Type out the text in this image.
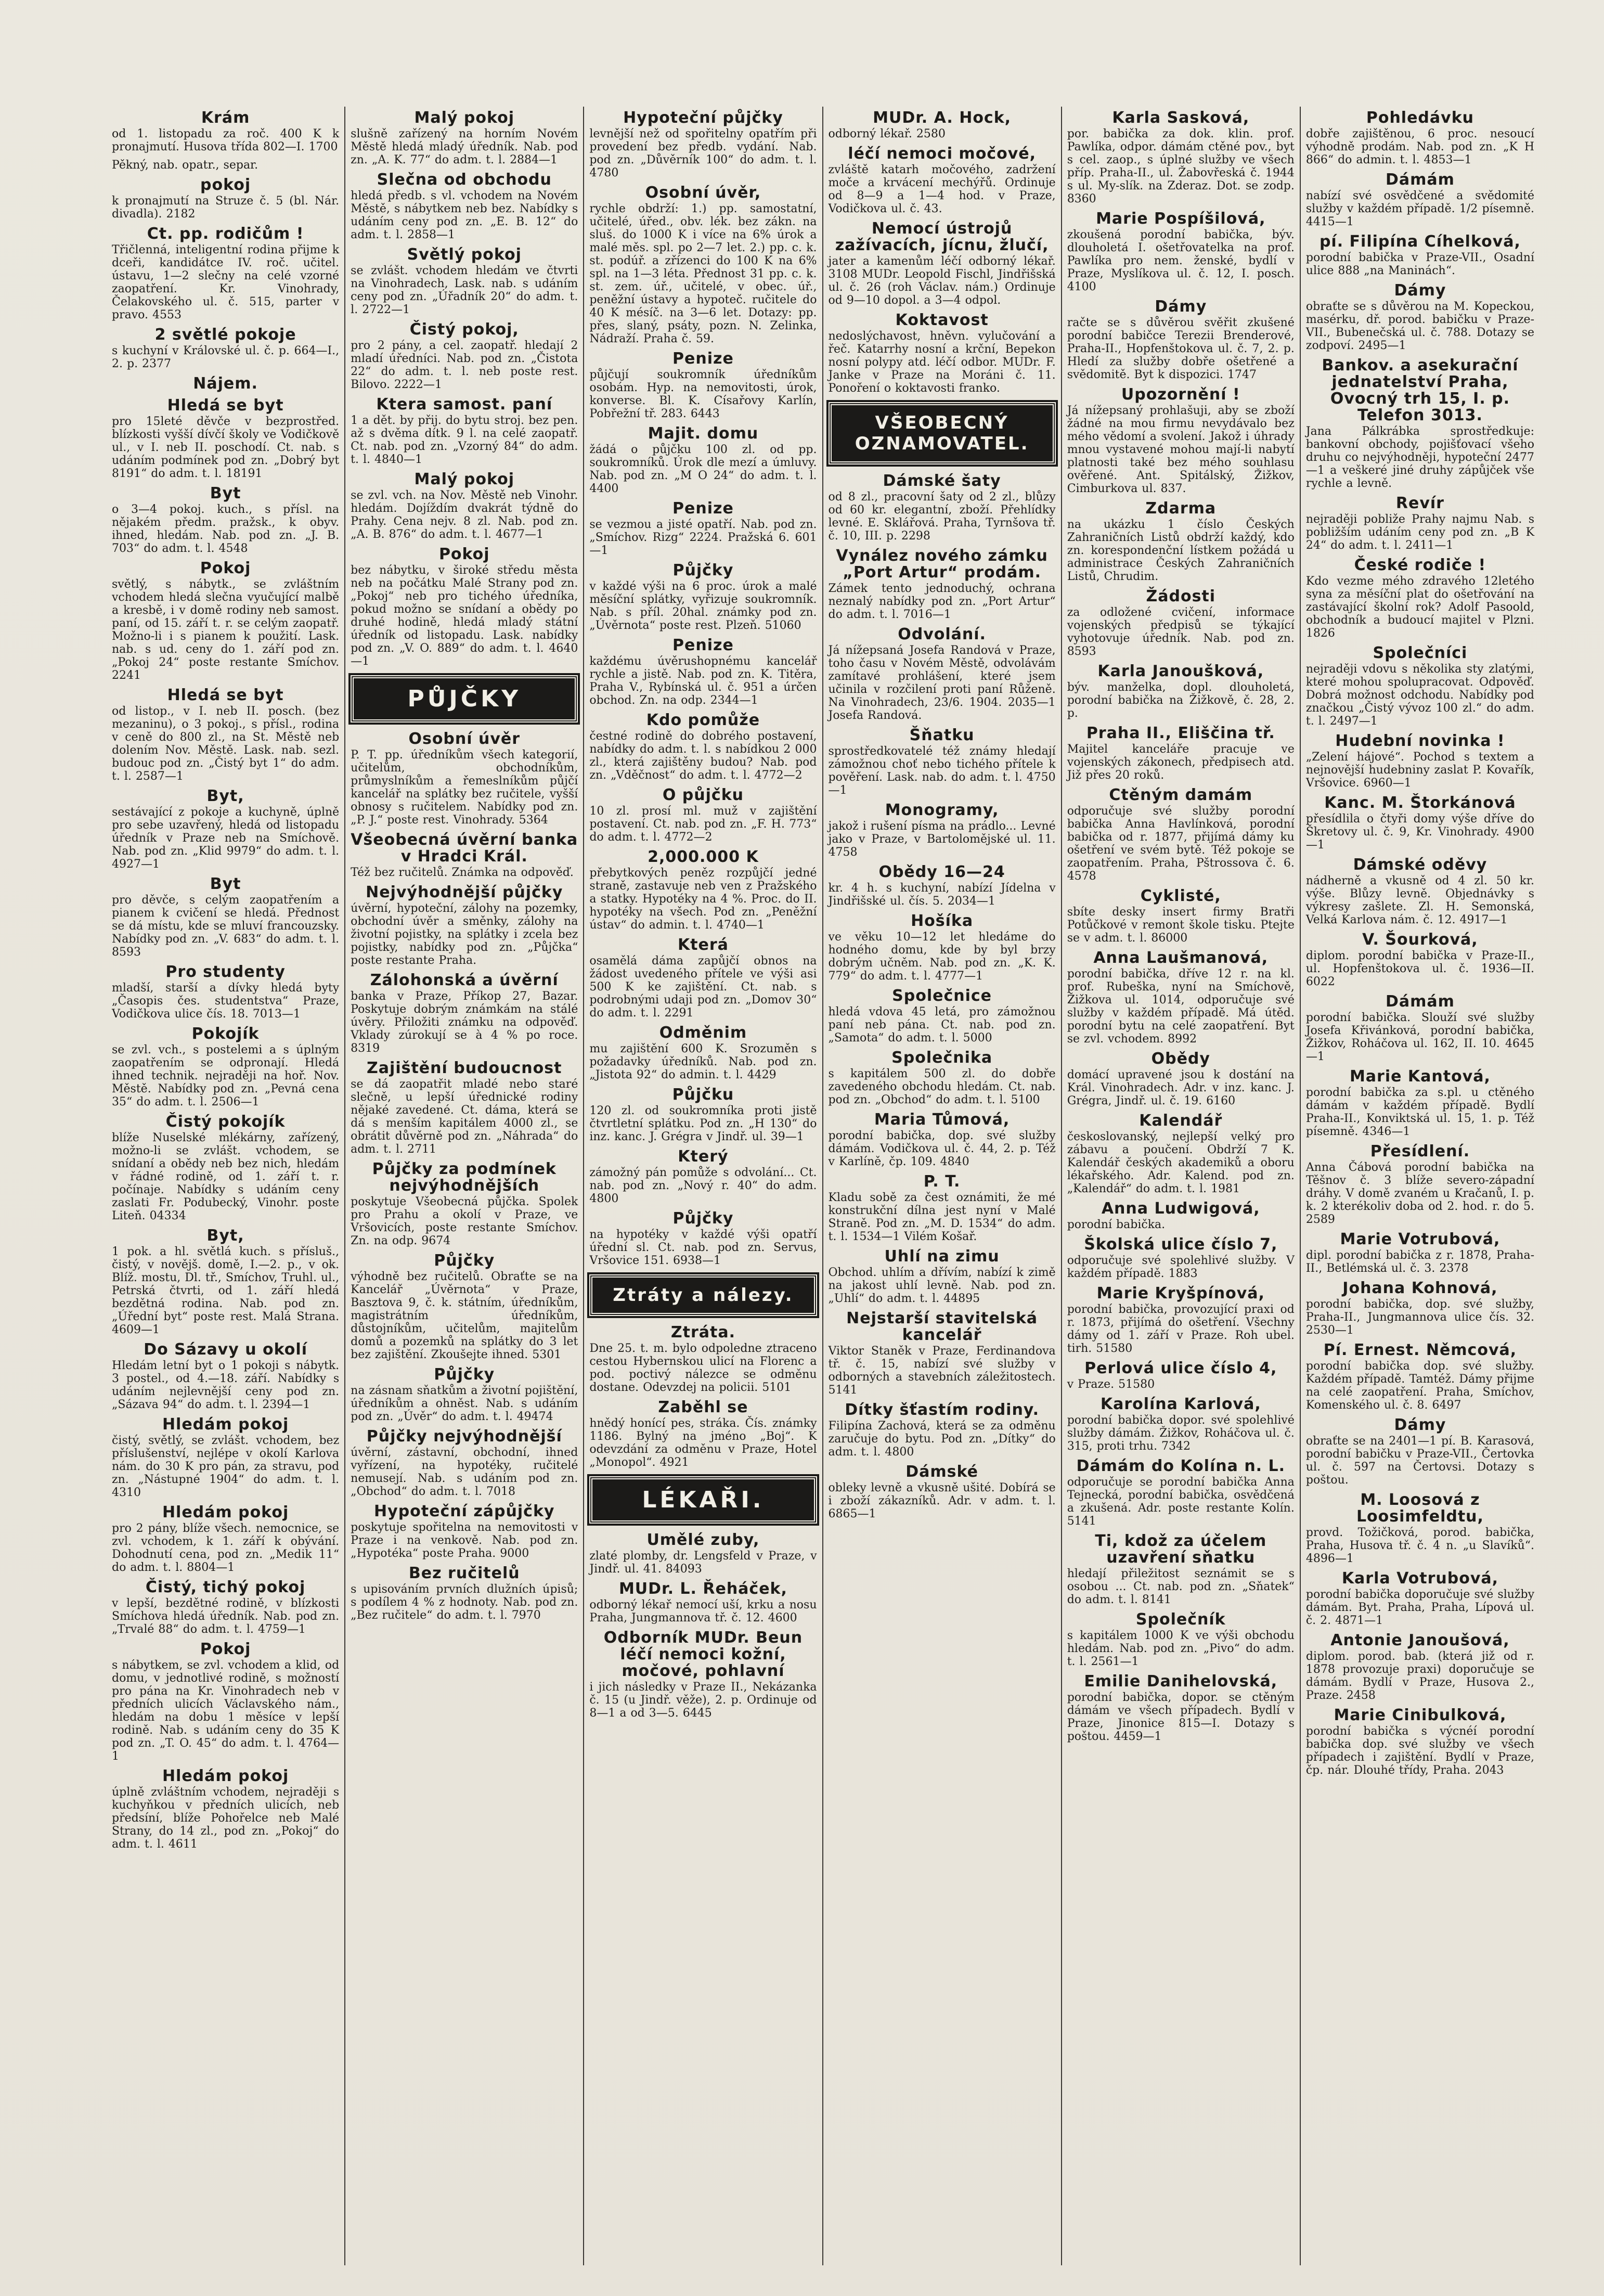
Krám

od 1. listopadu za roč. 400 K k pronajmutí. Husova třída 802—I. 1700

Pěkný, nab. opatr., separ.

pokoj

k pronajmutí na Struze č. 5 (bl. Nár. divadla). 2182

Ct. pp. rodičům !

Třičlenná, inteligentní rodina přijme k dceři, kandidátce IV. roč. učitel. ústavu, 1—2 slečny na celé vzorné zaopatření. Kr. Vinohrady, Čelakovského ul. č. 515, parter v pravo. 4553

2 světlé pokoje

s kuchyní v Královské ul. č. p. 664—I., 2. p. 2377

Nájem.
Hledá se byt

pro 15leté děvče v bezprostřed. blízkosti vyšší dívčí školy ve Vodičkově ul., v I. neb II. poschodí. Ct. nab. s udáním podmínek pod zn. „Dobrý byt 8191“ do adm. t. l. 18191

Byt

o 3—4 pokoj. kuch., s přísl. na nějakém předm. pražsk., k obyv. ihned, hledám. Nab. pod zn. „J. B. 703“ do adm. t. l. 4548

Pokoj

světlý, s nábytk., se zvláštním vchodem hledá slečna vyučující malbě a kresbě, i v domě rodiny neb samost. paní, od 15. září t. r. se celým zaopatř. Možno-li i s pianem k použití. Lask. nab. s ud. ceny do 1. září pod zn. „Pokoj 24“ poste restante Smíchov. 2241

Hledá se byt

od listop., v I. neb II. posch. (bez mezaninu), o 3 pokoj., s přísl., rodina v ceně do 800 zl., na St. Městě neb dolením Nov. Městě. Lask. nab. sezl. budouc pod zn. „Čistý byt 1“ do adm. t. l. 2587—1

Byt,

sestávající z pokoje a kuchyně, úplně pro sebe uzavřený, hledá od listopadu úředník v Praze neb na Smíchově. Nab. pod zn. „Klid 9979“ do adm. t. l. 4927—1

Byt

pro děvče, s celým zaopatřením a pianem k cvičení se hledá. Přednost se dá místu, kde se mluví francouzsky. Nabídky pod zn. „V. 683“ do adm. t. l. 8593

Pro studenty

mladší, starší a dívky hledá byty „Časopis čes. studentstva“ Praze, Vodičkova ulice čís. 18. 7013—1

Pokojík

se zvl. vch., s postelemi a s úplným zaopatřením se odpronají. Hledá ihned technik. nejraději na hoř. Nov. Městě. Nabídky pod zn. „Pevná cena 35“ do adm. t. l. 2506—1

Čistý pokojík

blíže Nuselské mlékárny, zařízený, možno-li se zvlášt. vchodem, se snídaní a obědy neb bez nich, hledám v řádné rodině, od 1. září t. r. počínaje. Nabídky s udáním ceny zaslati Fr. Podubecký, Vinohr. poste Liteň. 04334

Byt,

1 pok. a hl. světlá kuch. s přísluš., čistý, v novějš. domě, I.—2. p., v ok. Blíž. mostu, Dl. tř., Smíchov, Truhl. ul., Petrská čtvrti, od 1. září hledá bezdětná rodina. Nab. pod zn. „Úřední byt“ poste rest. Malá Strana. 4609—1

Do Sázavy u okolí

Hledám letní byt o 1 pokoji s nábytk. 3 postel., od 4.—18. září. Nabídky s udáním nejlevnější ceny pod zn. „Sázava 94“ do adm. t. l. 2394—1

Hledám pokoj

čistý, světlý, se zvlášt. vchodem, bez příslušenství, nejlépe v okolí Karlova nám. do 30 K pro pán, za stravu, pod zn. „Nástupné 1904“ do adm. t. l. 4310

Hledám pokoj

pro 2 pány, blíže všech. nemocnice, se zvl. vchodem, k 1. září k obývání. Dohodnutí cena, pod zn. „Medik 11“ do adm. t. l. 8804—1

Čistý, tichý pokoj

v lepší, bezdětné rodině, v blízkosti Smíchova hledá úředník. Nab. pod zn. „Trvalé 88“ do adm. t. l. 4759—1

Pokoj

s nábytkem, se zvl. vchodem a klid, od domu, v jednotlivé rodině, s možností pro pána na Kr. Vinohradech neb v předních ulicích Václavského nám., hledám na dobu 1 měsíce v lepší rodině. Nab. s udáním ceny do 35 K pod zn. „T. O. 45“ do adm. t. l. 4764—1

Hledám pokoj

úplně zvláštním vchodem, nejraději s kuchyňkou v předních ulicích, neb předsíní, blíže Pohořelce neb Malé Strany, do 14 zl., pod zn. „Pokoj“ do adm. t. l. 4611

Malý pokoj

slušně zařízený na horním Novém Městě hledá mladý úředník. Nab. pod zn. „A. K. 77“ do adm. t. l. 2884—1

Slečna od obchodu

hledá předb. s vl. vchodem na Novém Městě, s nábytkem neb bez. Nabídky s udáním ceny pod zn. „E. B. 12“ do adm. t. l. 2858—1

Světlý pokoj

se zvlášt. vchodem hledám ve čtvrti na Vinohradech, Lask. nab. s udáním ceny pod zn. „Úřadník 20“ do adm. t. l. 2722—1

Čistý pokoj,

pro 2 pány, a cel. zaopatř. hledají 2 mladí úředníci. Nab. pod zn. „Čistota 22“ do adm. t. l. neb poste rest. Bilovo. 2222—1

Ktera samost. paní

1 a dět. by přij. do bytu stroj. bez pen. až s dvěma dítk. 9 l. na celé zaopatř. Ct. nab. pod zn. „Vzorný 84“ do adm. t. l. 4840—1

Malý pokoj

se zvl. vch. na Nov. Městě neb Vinohr. hledám. Dojíždím dvakrát týdně do Prahy. Cena nejv. 8 zl. Nab. pod zn. „A. B. 876“ do adm. t. l. 4677—1

Pokoj

bez nábytku, v široké středu města neb na počátku Malé Strany pod zn. „Pokoj“ neb pro tichého úředníka, pokud možno se snídaní a obědy po druhé hodině, hledá mladý státní úředník od listopadu. Lask. nabídky pod zn. „V. O. 889“ do adm. t. l. 4640—1

PŮJČKY
Osobní úvěr

P. T. pp. úředníkům všech kategorií, učitelům, obchodníkům, průmyslníkům a řemeslníkům půjčí kancelář na splátky bez ručitele, vyšší obnosy s ručitelem. Nabídky pod zn. „P. J.“ poste rest. Vinohrady. 5364

Všeobecná úvěrní banka v Hradci Král.

Též bez ručitelů. Známka na odpověď.

Nejvýhodnější půjčky

úvěrní, hypoteční, zálohy na pozemky, obchodní úvěr a směnky, zálohy na životní pojistky, na splátky i zcela bez pojistky, nabídky pod zn. „Půjčka“ poste restante Praha.

Zálohonská a úvěrní

banka v Praze, Příkop 27, Bazar. Poskytuje dobrým známkám na stálé úvěry. Přiložiti známku na odpověď. Vklady zúrokují se à 4 % po roce. 8319

Zajištění budoucnost

se dá zaopatřit mladé nebo staré slečně, u lepší úřednické rodiny nějaké zavedené. Ct. dáma, která se dá s menším kapitálem 4000 zl., se obrátit důvěrně pod zn. „Náhrada“ do adm. t. l. 2711

Půjčky za podmínek nejvýhodnějších

poskytuje Všeobecná půjčka. Spolek pro Prahu a okolí v Praze, ve Vršovicích, poste restante Smíchov. Zn. na odp. 9674

Půjčky

výhodně bez ručitelů. Obraťte se na Kancelář „Úvěrnota“ v Praze, Basztova 9, č. k. státním, úředníkům, magistrátním úředníkům, důstojníkům, učitelům, majitelům domů a pozemků na splátky do 3 let bez zajištění. Zkoušejte ihned. 5301

Půjčky

na zásnam sňatkům a životní pojištění, úředníkům a ohněst. Nab. s udáním pod zn. „Úvěr“ do adm. t. l. 49474

Půjčky nejvýhodnější

úvěrní, zástavní, obchodní, ihned vyřízení, na hypotéky, ručitelé nemusejí. Nab. s udáním pod zn. „Obchod“ do adm. t. l. 7018

Hypoteční zápůjčky

poskytuje spořitelna na nemovitosti v Praze i na venkově. Nab. pod zn. „Hypotéka“ poste Praha. 9000

Bez ručitelů

s upisováním prvních dlužních úpisů; s podílem 4 % z hodnoty. Nab. pod zn. „Bez ručitele“ do adm. t. l. 7970

Hypoteční půjčky

levnější než od spořitelny opatřím při provedení bez předb. vydání. Nab. pod zn. „Důvěrník 100“ do adm. t. l. 4780

Osobní úvěr,

rychle obdrží: 1.) pp. samostatní, učitelé, úřed., obv. lék. bez zákn. na sluš. do 1000 K i více na 6% úrok a malé měs. spl. po 2—7 let. 2.) pp. c. k. st. podúř. a zřízenci do 100 K na 6% spl. na 1—3 léta. Přednost 31 pp. c. k. st. zem. úř., učitelé, v obec. úř., peněžní ústavy a hypoteč. ručitele do 40 K mésíč. na 3—6 let. Dotazy: pp. přes, slaný, psáty, pozn. N. Zelinka, Nádraží. Praha č. 59.

Penize

půjčují soukromník úředníkům osobám. Hyp. na nemovitosti, úrok, konverse. Bl. K. Císařovy Karlín, Pobřežní tř. 283. 6443

Majit. domu

žádá o půjčku 100 zl. od pp. soukromníků. Úrok dle mezí a úmluvy. Nab. pod zn. „M O 24“ do adm. t. l. 4400

Penize

se vezmou a jisté opatří. Nab. pod zn. „Smíchov. Rizg“ 2224. Pražská 6. 601—1

Půjčky

v každé výši na 6 proc. úrok a malé měsíční splátky, vyřizuje soukromník. Nab. s příl. 20hal. známky pod zn. „Úvěrnota“ poste rest. Plzeň. 51060

Penize

každému úvěrushopnému kancelář rychle a jistě. Nab. pod zn. K. Titěra, Praha V., Rybínská ul. č. 951 a úrčen obchod. Zn. na odp. 2344—1

Kdo pomůže

čestné rodině do dobrého postavení, nabídky do adm. t. l. s nabídkou 2 000 zl., která zajištěny budou? Nab. pod zn. „Vděčnost“ do adm. t. l. 4772—2

O půjčku

10 zl. prosí ml. muž v zajištění postavení. Ct. nab. pod zn. „F. H. 773“ do adm. t. l. 4772—2

2,000.000 K

přebytkových peněz rozpůjčí jedné straně, zastavuje neb ven z Pražského a statky. Hypotéky na 4 %. Proc. do II. hypotéky na všech. Pod zn. „Peněžní ústav“ do admin. t. l. 4740—1

Která

osamělá dáma zapůjčí obnos na žádost uvedeného přítele ve výši asi 500 K ke zajištění. Ct. nab. s podrobnými udaji pod zn. „Domov 30“ do adm. t. l. 2291

Odměnim

mu zajištění 600 K. Srozuměn s požadavky úředníků. Nab. pod zn. „Jistota 92“ do admin. t. l. 4429

Půjčku

120 zl. od soukromníka proti jistě čtvrtletní splátku. Pod zn. „H 130“ do inz. kanc. J. Grégra v Jindř. ul. 39—1

Který

zámožný pán pomůže s odvolání... Ct. nab. pod zn. „Nový r. 40“ do adm. 4800

Půjčky

na hypotéky v každé výši opatří úřední sl. Ct. nab. pod zn. Servus, Vršovice 151. 6938—1

Ztráty a nálezy.
Ztráta.

Dne 25. t. m. bylo odpoledne ztraceno cestou Hybernskou ulicí na Florenc a pod. poctivý nálezce se odměnu dostane. Odevzdej na policii. 5101

Zaběhl se

hnědý honící pes, stráka. Čís. známky 1186. Bylný na jméno „Boj“. K odevzdání za odměnu v Praze, Hotel „Monopol“. 4921

LÉKAŘI.
Umělé zuby,

zlaté plomby, dr. Lengsfeld v Praze, v Jindř. ul. 41. 84093

MUDr. L. Řeháček,

odborný lékař nemocí uší, krku a nosu Praha, Jungmannova tř. č. 12. 4600

Odborník MUDr. Beun léčí nemoci kožní, močové, pohlavní

i jich následky v Praze II., Nekázanka č. 15 (u Jindř. věže), 2. p. Ordinuje od 8—1 a od 3—5. 6445

MUDr. A. Hock,

odborný lékař. 2580

léčí nemoci močové,

zvláště katarh močového, zadržení moče a krvácení mechýřů. Ordinuje od 8—9 a 1—4 hod. v Praze, Vodičkova ul. č. 43.

Nemocí ústrojů zažívacích, jícnu, žlučí,

jater a kamenům léčí odborný lékař. 3108 MUDr. Leopold Fischl, Jindřišská ul. č. 26 (roh Václav. nám.) Ordinuje od 9—10 dopol. a 3—4 odpol.

Koktavost

nedoslýchavost, hněvn. vylučování a řeč. Katarrhy nosní a krční, Bepekon nosní polypy atd. léčí odbor. MUDr. F. Janke v Praze na Moráni č. 11. Ponoření o koktavosti franko.

VŠEOBECNÝ OZNAMOVATEL.
Dámské šaty

od 8 zl., pracovní šaty od 2 zl., blůzy od 60 kr. elegantní, zboží. Přehlídky levné. E. Sklářová. Praha, Tyrnšova tř. č. 10, III. p. 2298

Vynález nového zámku „Port Artur“ prodám.

Zámek tento jednoduchý, ochrana neznalý nabídky pod zn. „Port Artur“ do adm. t. l. 7016—1

Odvolání.

Já nížepsaná Josefa Randová v Praze, toho času v Novém Městě, odvolávám zamítavé prohlášení, které jsem učinila v rozčilení proti paní Růženě. Na Vinohradech, 23/6. 1904. 2035—1 Josefa Randová.

Šňatku

sprostředkovatelé též známy hledají zámožnou choť nebo tichého přítele k pověření. Lask. nab. do adm. t. l. 4750—1

Monogramy,

jakož i rušení písma na prádlo... Levné jako v Praze, v Bartolomějské ul. 11. 4758

Obědy 16—24

kr. 4 h. s kuchyní, nabízí Jídelna v Jindřišské ul. čís. 5. 2034—1

Hošíka

ve věku 10—12 let hledáme do hodného domu, kde by byl brzy dobrým učněm. Nab. pod zn. „K. K. 779“ do adm. t. l. 4777—1

Společnice

hledá vdova 45 letá, pro zámožnou paní neb pána. Ct. nab. pod zn. „Samota“ do adm. t. l. 5000

Společnika

s kapitálem 500 zl. do dobře zavedeného obchodu hledám. Ct. nab. pod zn. „Obchod“ do adm. t. l. 5100

Maria Tůmová,

porodní babička, dop. své služby dámám. Vodičkova ul. č. 44, 2. p. Též v Karlíně, čp. 109. 4840

P. T.

Kladu sobě za čest oznámiti, že mé konstrukční dílna jest nyní v Malé Straně. Pod zn. „M. D. 1534“ do adm. t. l. 1534—1 Vilém Košař.

Uhlí na zimu

Obchod. uhlím a dřívím, nabízí k zimě na jakost uhlí levně. Nab. pod zn. „Uhlí“ do adm. t. l. 44895

Nejstarší stavitelská kancelář

Viktor Staněk v Praze, Ferdinandova tř. č. 15, nabízí své služby v odborných a stavebních záležitostech. 5141

Dítky šťastím rodiny.

Filipína Zachová, která se za odměnu zaručuje do bytu. Pod zn. „Dítky“ do adm. t. l. 4800

Dámské

obleky levně a vkusně ušité. Dobírá se i zboží zákazníků. Adr. v adm. t. l. 6865—1

Karla Sasková,

por. babička za dok. klin. prof. Pawlíka, odpor. dámám ctěné pov., byt s cel. zaop., s úplné služby ve všech příp. Praha-II., ul. Žabovřeská č. 1944 s ul. My-slík. na Zderaz. Dot. se zodp. 8360

Marie Pospíšilová,

zkoušená porodní babička, býv. dlouholetá I. ošetřovatelka na prof. Pawlíka pro nem. ženské, bydlí v Praze, Myslíkova ul. č. 12, I. posch. 4100

Dámy

račte se s důvěrou svěřit zkušené porodní babičce Terezii Brenderové, Praha-II., Hopfenštokova ul. č. 7, 2. p. Hledí za služby dobře ošetřené a svědomitě. Byt k dispozici. 1747

Upozornění !

Já nížepsaný prohlašuji, aby se zboží žádné na mou firmu nevydávalo bez mého vědomí a svolení. Jakož i úhrady mnou vystavené mohou mají-li nabytí platnosti také bez mého souhlasu ověřené. Ant. Spitálský, Žižkov, Cimburkova ul. 837.

Zdarma

na ukázku 1 číslo Českých Zahraničních Listů obdrží každý, kdo zn. korespondenční lístkem požádá u administrace Českých Zahraničních Listů, Chrudim.

Žádosti

za odložené cvičení, informace vojenských předpisů se týkající vyhotovuje úředník. Nab. pod zn. 8593

Karla Janoušková,

býv. manželka, dopl. dlouholetá, porodní babička na Žižkově, č. 28, 2. p.

Praha II., Eliščina tř.

Majitel kanceláře pracuje ve vojenských zákonech, předpisech atd. Již přes 20 roků.

Ctěným damám

odporučuje své služby porodní babička Anna Havlínková, porodní babička od r. 1877, přijímá dámy ku ošetření ve svém bytě. Též pokoje se zaopatřením. Praha, Pštrossova č. 6. 4578

Cyklisté,

sbíte desky insert firmy Bratři Potůčkové v remont škole tisku. Ptejte se v adm. t. l. 86000

Anna Laušmanová,

porodní babička, dříve 12 r. na kl. prof. Rubeška, nyní na Smíchově, Žižkova ul. 1014, odporučuje své služby v každém případě. Má útěd. porodní bytu na celé zaopatření. Byt se zvl. vchodem. 8992

Obědy

domácí upravené jsou k dostání na Král. Vinohradech. Adr. v inz. kanc. J. Grégra, Jindř. ul. č. 19. 6160

Kalendář

českoslovanský, nejlepší velký pro zábavu a poučení. Obdrží 7 K. Kalendář českých akademiků a oboru lékařského. Adr. Kalend. pod zn. „Kalendář“ do adm. t. l. 1981

Anna Ludwigová,

porodní babička.

Školská ulice číslo 7,

odporučuje své spolehlivé služby. V každém případě. 1883

Marie Kryšpínová,

porodní babička, provozující praxi od r. 1873, přijímá do ošetření. Všechny dámy od 1. září v Praze. Roh ubel. tirh. 51580

Perlová ulice číslo 4,

v Praze. 51580

Karolína Karlová,

porodní babička dopor. své spolehlivé služby dámám. Žižkov, Roháčova ul. č. 315, proti trhu. 7342

Dámám do Kolína n. L.

odporučuje se porodní babička Anna Tejnecká, porodní babička, osvědčená a zkušená. Adr. poste restante Kolín. 5141

Ti, kdož za účelem uzavření sňatku

hledají přiležitost seznámit se s osobou ... Ct. nab. pod zn. „Sňatek“ do adm. t. l. 8141

Společník

s kapitálem 1000 K ve výši obchodu hledám. Nab. pod zn. „Pivo“ do adm. t. l. 2561—1

Emilie Danihelovská,

porodní babička, dopor. se ctěným dámám ve všech případech. Bydlí v Praze, Jinonice 815—I. Dotazy s poštou. 4459—1

Pohledávku

dobře zajištěnou, 6 proc. nesoucí výhodně prodám. Nab. pod zn. „K H 866“ do admin. t. l. 4853—1

Dámám

nabízí své osvědčené a svědomité služby v každém případě. 1/2 písemně. 4415—1

pí. Filipína Cíhelková,

porodní babička v Praze-VII., Osadní ulice 888 „na Maninách“.

Dámy

obraťte se s důvěrou na M. Kopeckou, masérku, dř. porod. babičku v Praze-VII., Bubenečská ul. č. 788. Dotazy se zodpoví. 2495—1

Bankov. a asekurační jednatelství Praha, Ovocný trh 15, I. p. Telefon 3013.

Jana Pálkrábka sprostředkuje: bankovní obchody, pojišťovací všeho druhu co nejvýhodněji, hypoteční 2477—1 a veškeré jiné druhy zápůjček vše rychle a levně.

Revír

nejraději pobliže Prahy najmu Nab. s pobližším udáním ceny pod zn. „B K 24“ do adm. t. l. 2411—1

České rodiče !

Kdo vezme mého zdravého 12letého syna za měsíční plat do ošetřování na zastávající školní rok? Adolf Pasoold, obchodník a budoucí majitel v Plzni. 1826

Společníci

nejraději vdovu s několika sty zlatými, které mohou spolupracovat. Odpověď. Dobrá možnost odchodu. Nabídky pod značkou „Čistý vývoz 100 zl.“ do adm. t. l. 2497—1

Hudební novinka !

„Zelení hájové“. Pochod s textem a nejnovější hudebniny zaslat P. Kovařík, Vršovice. 6960—1

Kanc. M. Štorkánová

přesídlila o čtyři domy výše dříve do Škretovy ul. č. 9, Kr. Vinohrady. 4900—1

Dámské oděvy

nádherně a vkusně od 4 zl. 50 kr. výše. Blůzy levně. Objednávky s výkresy zašlete. Zl. H. Semonská, Velká Karlova nám. č. 12. 4917—1

V. Šourková,

diplom. porodní babička v Praze-II., ul. Hopfenštokova ul. č. 1936—II. 6022

Dámám

porodní babička. Slouží své služby Josefa Křivánková, porodní babička, Žižkov, Roháčova ul. 162, II. 10. 4645—1

Marie Kantová,

porodní babička za s.pl. u ctěného dámám v každém případě. Bydlí Praha-II., Konviktská ul. 15, 1. p. Též písemně. 4346—1

Přesídlení.

Anna Čábová porodní babička na Těšnov č. 3 blíže severo-západní dráhy. V domě zvaném u Kračanů, I. p. k. 2 kterékoliv doba od 2. hod. r. do 5. 2589

Marie Votrubová,

dipl. porodní babička z r. 1878, Praha-II., Betlémská ul. č. 3. 2378

Johana Kohnová,

porodní babička, dop. své služby, Praha-II., Jungmannova ulice čís. 32. 2530—1

Pí. Ernest. Němcová,

porodní babička dop. své služby. Každém případě. Tamtéž. Dámy přijme na celé zaopatření. Praha, Smíchov, Komenského ul. č. 8. 6497

Dámy

obraťte se na 2401—1 pí. B. Karasová, porodní babičku v Praze-VII., Čertovka ul. č. 597 na Čertovsi. Dotazy s poštou.

M. Loosová z Loosimfeldtu,

provd. Tožičková, porod. babička, Praha, Husova tř. č. 4 n. „u Slavíků“. 4896—1

Karla Votrubová,

porodní babička doporučuje své služby dámám. Byt. Praha, Praha, Lípová ul. č. 2. 4871—1

Antonie Janoušová,

diplom. porod. bab. (která již od r. 1878 provozuje praxi) doporučuje se dámám. Bydlí v Praze, Husova 2., Praze. 2458

Marie Cinibulková,

porodní babička s výcnéí porodní babička dop. své služby ve všech případech i zajištění. Bydlí v Praze, čp. nár. Dlouhé třídy, Praha. 2043
